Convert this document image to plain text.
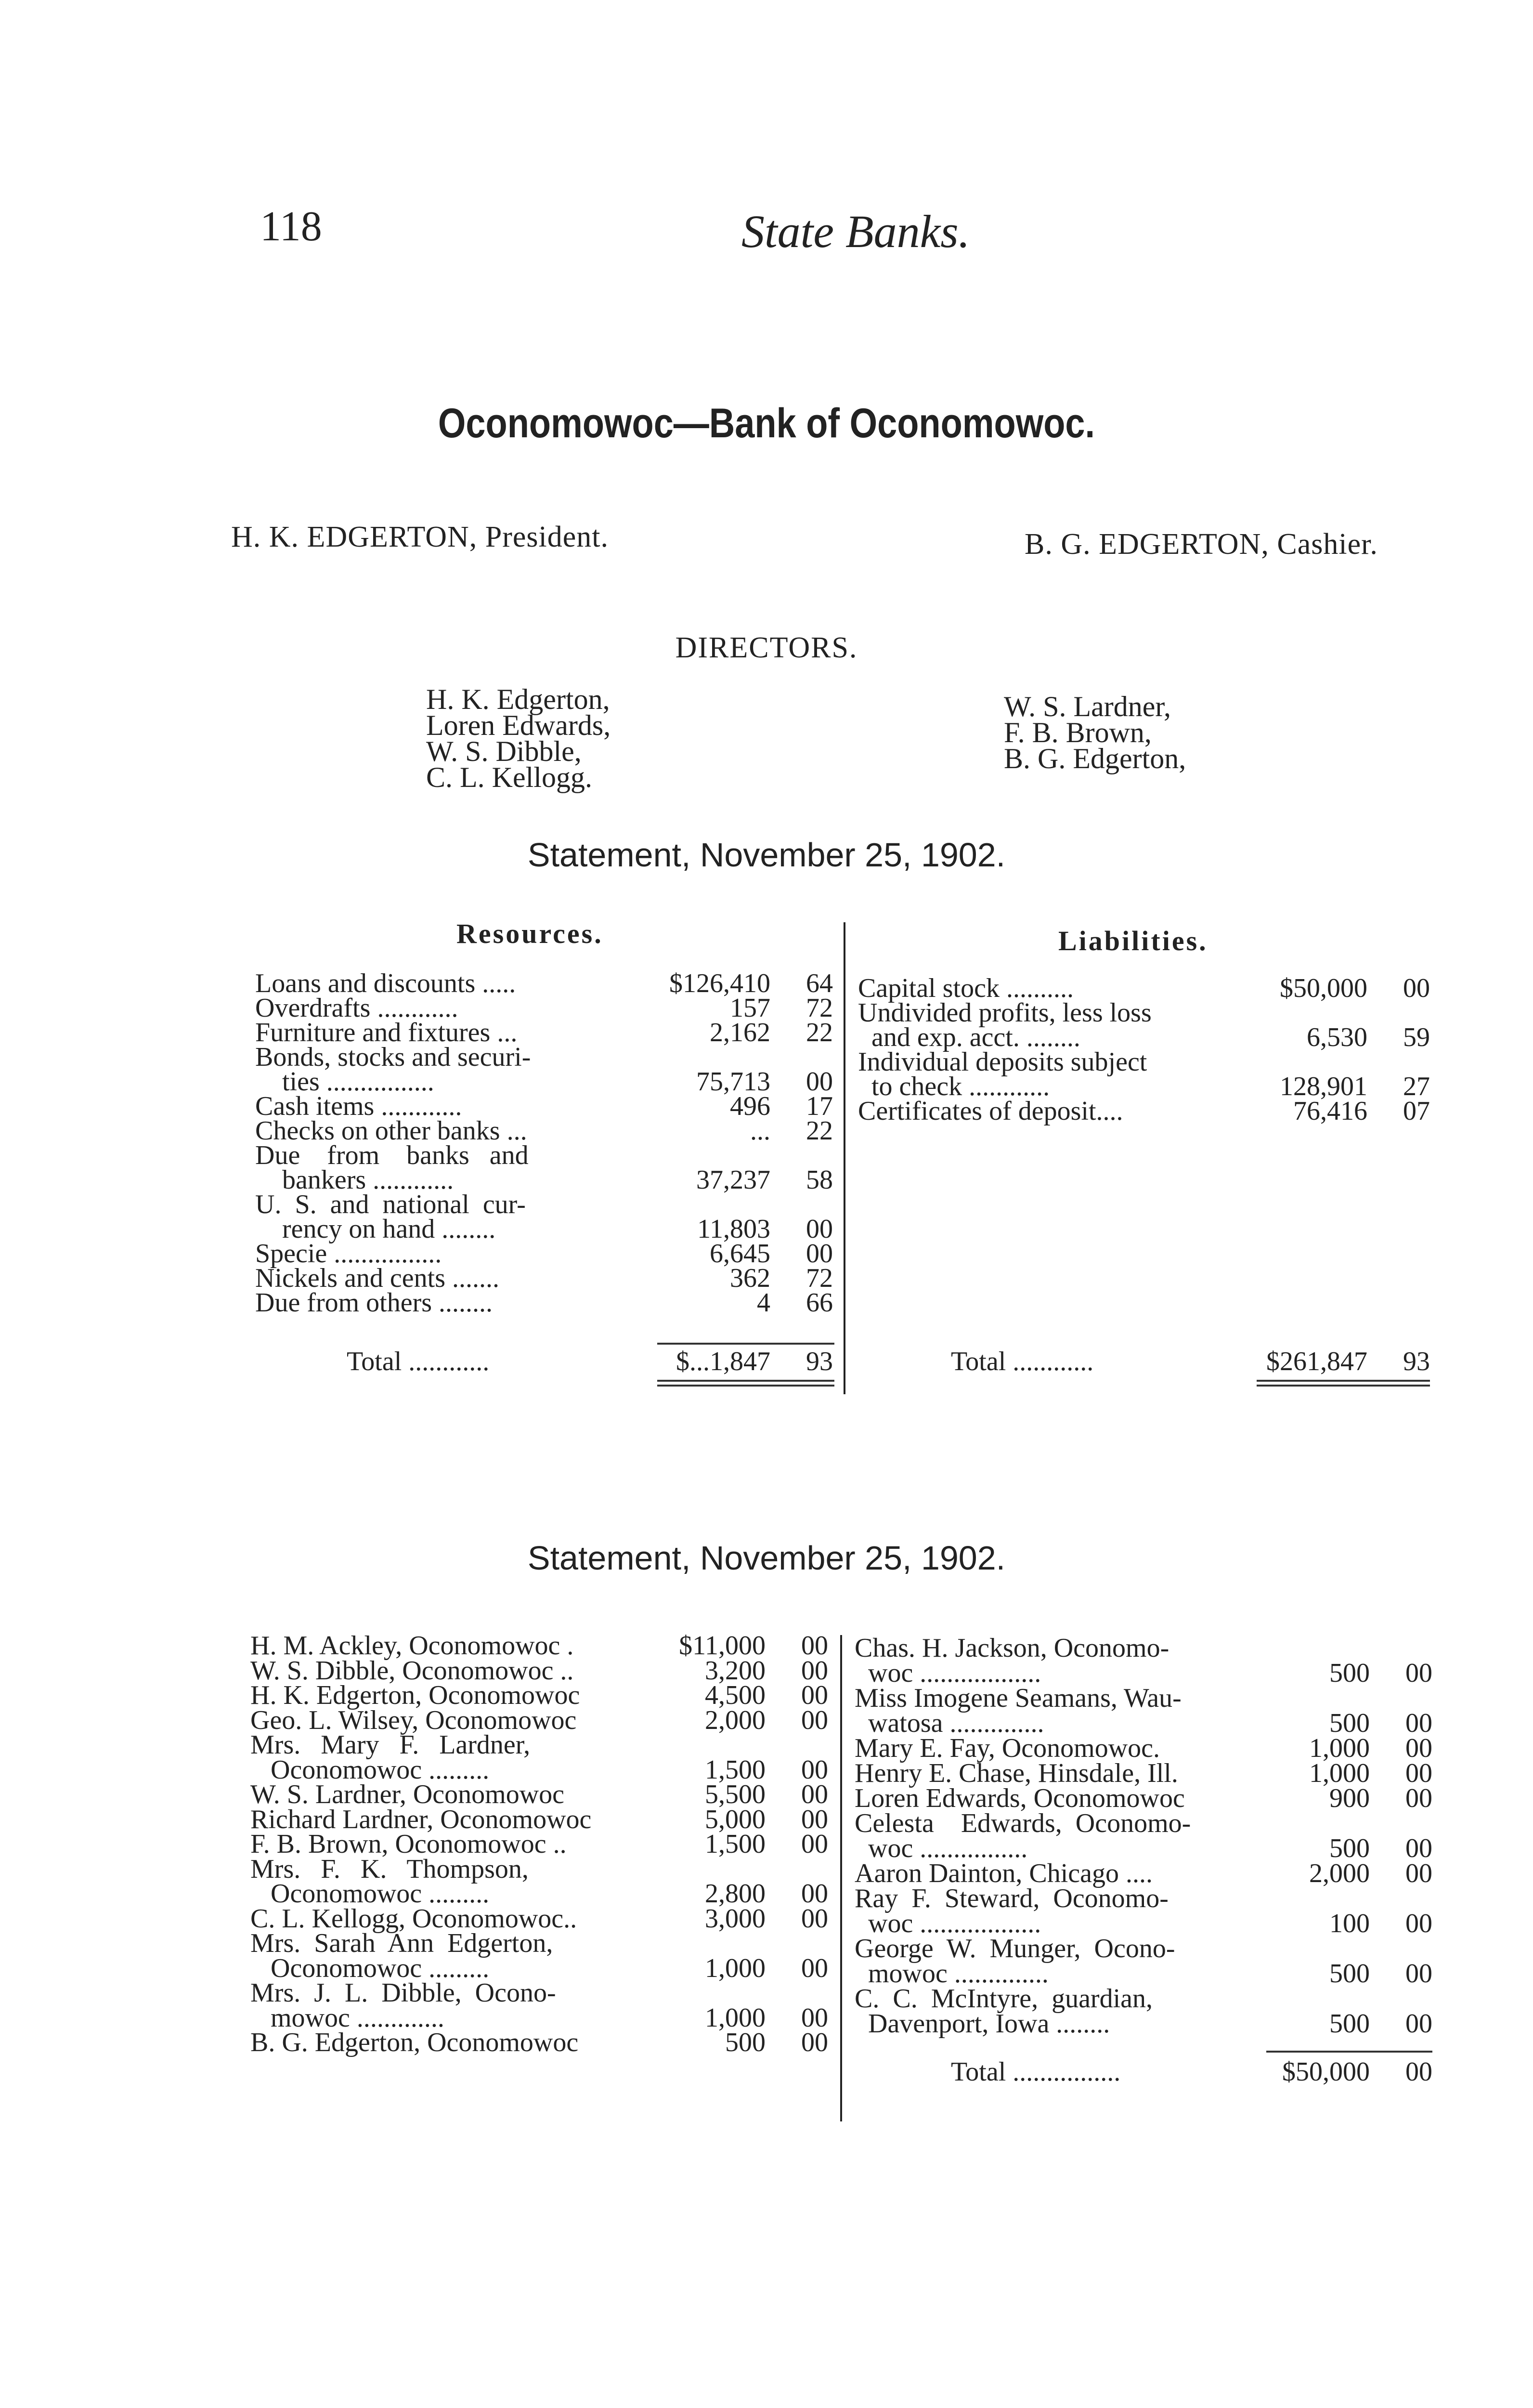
118	State Banks.
Oconomowoc—Bank of Oconomowoc.
H. K. EDGERTON, President.	B. G. EDGERTON, Cashier.
DIRECTORS.
H. K. Edgerton,
Loren Edwards,
W. S. Dibble,
C. L. Kellogg.
W. S. Lardner,
F. B. Brown,
B. G. Edgerton,
Statement, November 25, 1902.
Resources.	Liabilities.
Loans and discounts .....	$126,410 64
Overdrafts ............	157 72
Furniture and fixtures ...	2,162 22
Bonds, stocks and securi-
ties ................	75,713 00
Cash items ............	496 17
Checks on other banks ...	... 22
Due    from    banks   and
bankers ............	37,237 58
U.  S.  and  national  cur-
rency on hand ........	11,803 00
Specie ................	6,645 00
Nickels and cents .......	362 72
Due from others ........	4 66
Capital stock ..........	$50,000 00
Undivided profits, less loss
and exp. acct. ........	6,530 59
Individual deposits subject
to check ............	128,901 27
Certificates of deposit....	76,416 07
Total ............	$...1,847 93	Total ............	$261,847 93
Statement, November 25, 1902.
H. M. Ackley, Oconomowoc .	$11,000 00
W. S. Dibble, Oconomowoc ..	3,200 00
H. K. Edgerton, Oconomowoc	4,500 00
Geo. L. Wilsey, Oconomowoc	2,000 00
Mrs.   Mary   F.   Lardner,
Oconomowoc .........	1,500 00
W. S. Lardner, Oconomowoc	5,500 00
Richard Lardner, Oconomowoc	5,000 00
F. B. Brown, Oconomowoc ..	1,500 00
Mrs.   F.   K.   Thompson,
Oconomowoc .........	2,800 00
C. L. Kellogg, Oconomowoc..	3,000 00
Mrs.  Sarah  Ann  Edgerton,
Oconomowoc .........	1,000 00
Mrs.  J.  L.  Dibble,  Ocono-
mowoc .............	1,000 00
B. G. Edgerton, Oconomowoc	500 00
Chas. H. Jackson, Oconomo-
woc ..................	500 00
Miss Imogene Seamans, Wau-
watosa ..............	500 00
Mary E. Fay, Oconomowoc.	1,000 00
Henry E. Chase, Hinsdale, Ill.	1,000 00
Loren Edwards, Oconomowoc	900 00
Celesta    Edwards,  Oconomo-
woc ................	500 00
Aaron Dainton, Chicago ....	2,000 00
Ray  F.  Steward,  Oconomo-
woc ..................	100 00
George  W.  Munger,  Ocono-
mowoc ..............	500 00
C.  C.  McIntyre,  guardian,
Davenport, Iowa ........	500 00
Total ................	$50,000 00
